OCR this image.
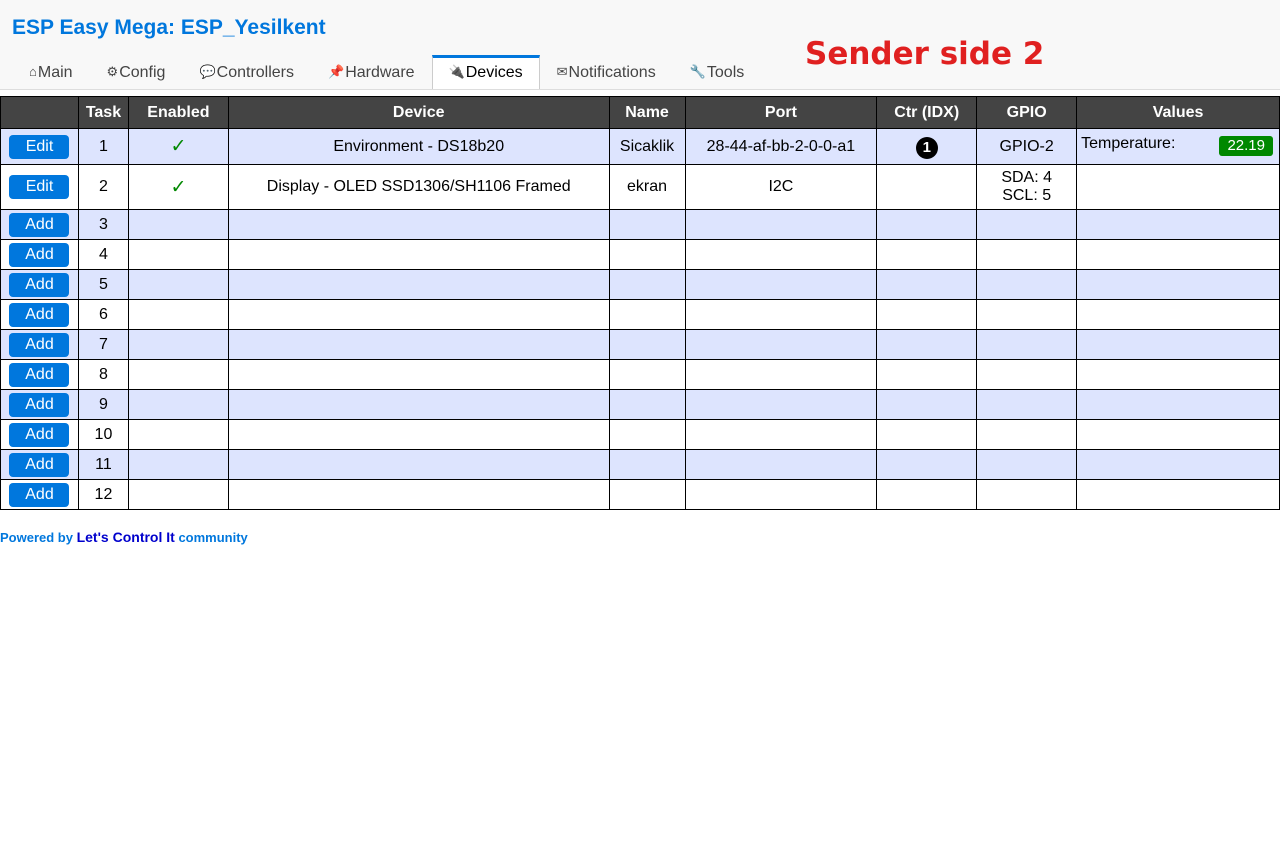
ESP Easy Mega: ESP_Yesilkent
Sender side 2
⌂ Main	⚙ Config	💬 Controllers	📌 Hardware	🔌 Devices	✉ Notifications	🔧 Tools
	Task	Enabled	Device	Name	Port	Ctr (IDX)	GPIO	Values
Edit	1	✓	Environment - DS18b20	Sicaklik	28-44-af-bb-2-0-0-a1	1	GPIO-2	Temperature: 22.19

Edit	2	✓	Display - OLED SSD1306/SH1106 Framed	ekran	I2C		SDA: 4
SCL: 5	

Add	3							
Add	4							
Add	5							
Add	6							
Add	7							
Add	8							
Add	9							
Add	10							
Add	11							
Add	12							
Powered by Let's Control It community
